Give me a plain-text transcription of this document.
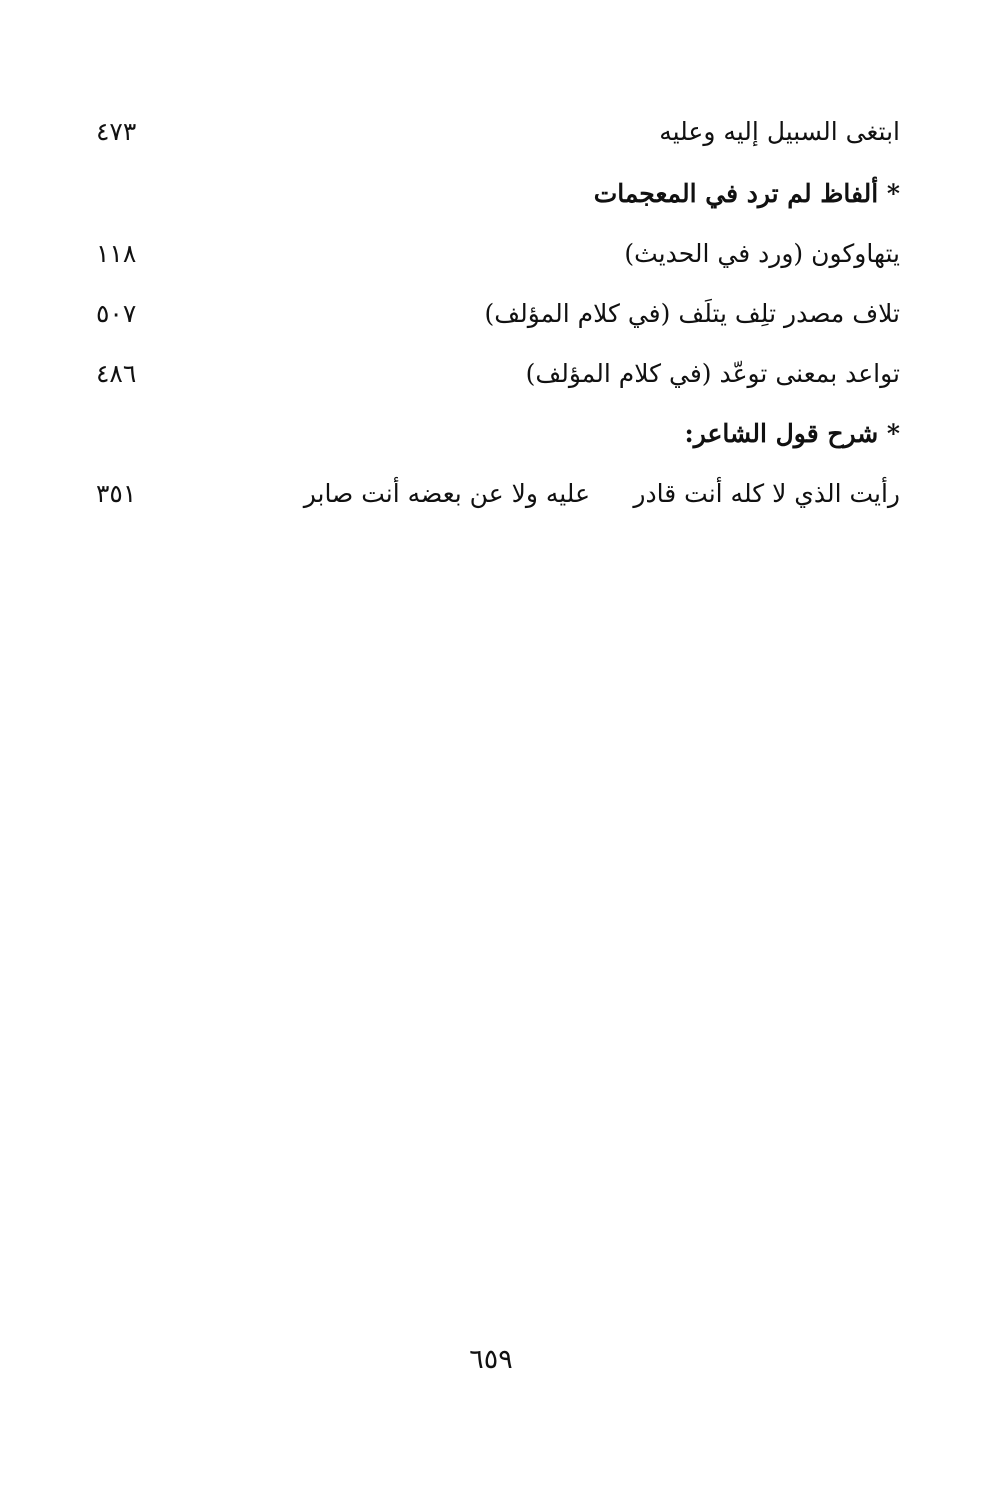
ابتغى السبيل إليه وعليه
٤٧٣
* ألفاظ لم ترد في المعجمات
يتهاوكون (ورد في الحديث)
١١٨
تلاف مصدر تلِف يتلَف (في كلام المؤلف)
٥٠٧
تواعد بمعنى توعّد (في كلام المؤلف)
٤٨٦
* شرح قول الشاعر:
رأيت الذي لا كله أنت قادر
عليه ولا عن بعضه أنت صابر
٣٥١
٦٥٩
